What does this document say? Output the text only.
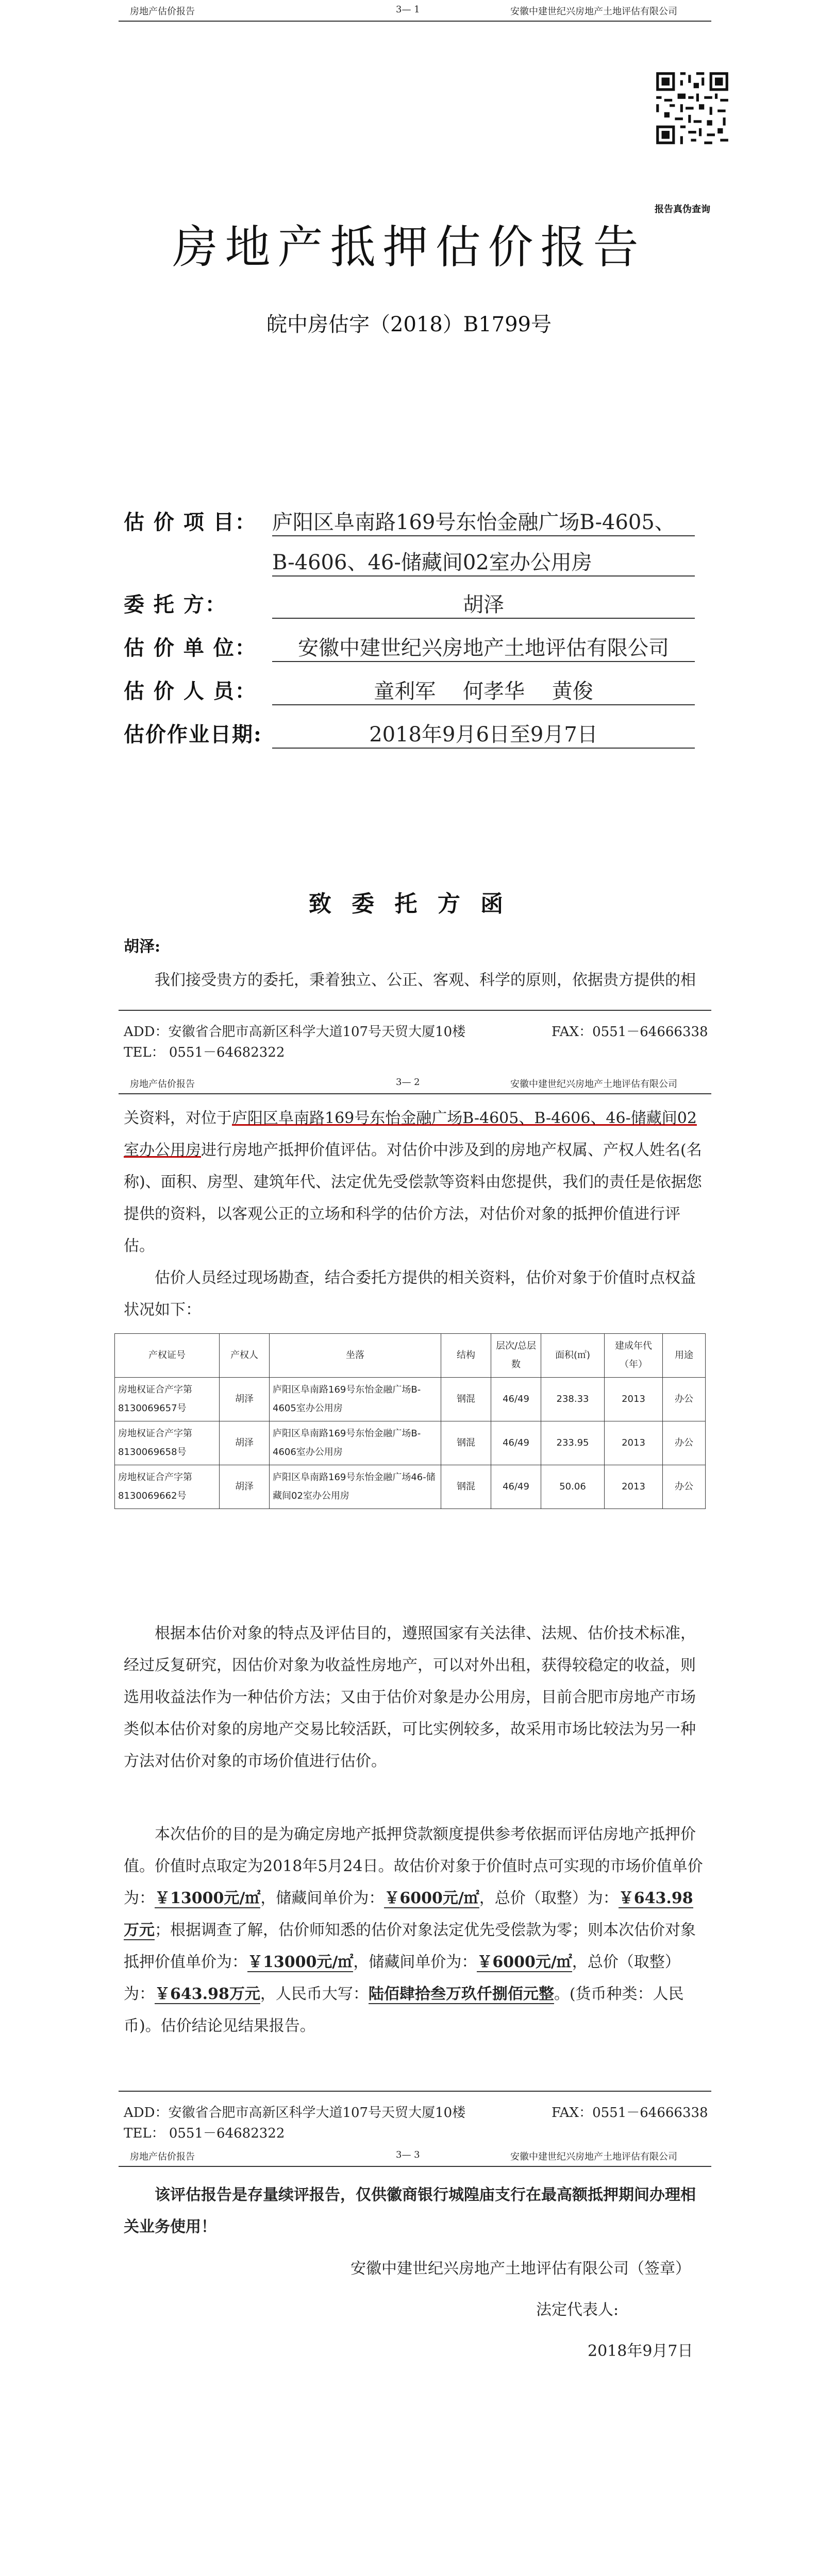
房地产估价报告	3— 1	安徽中建世纪兴房地产土地评估有限公司
报告真伪查询
房地产抵押估价报告
皖中房估字（2018）B1799号
估 价 项 目： 庐阳区阜南路169号东怡金融广场B-4605、
B-4606、46-储藏间02室办公用房
委 托 方：	胡泽
估 价 单 位：	安徽中建世纪兴房地产土地评估有限公司
估 价 人 员：	童利军 何孝华 黄俊
估价作业日期:	2018年9月6日至9月7日
致 委 托 方 函
胡泽:
我们接受贵方的委托，秉着独立、公正、客观、科学的原则，依据贵方提供的相
ADD：安徽省合肥市高新区科学大道107号天贸大厦10楼	FAX：0551－64666338
TEL： 0551－64682322
房地产估价报告	3— 2	安徽中建世纪兴房地产土地评估有限公司
关资料，对位于庐阳区阜南路169号东怡金融广场B-4605、B-4606、46-储藏间02室办公用房进行房地产抵押价值评估。对估价中涉及到的房地产权属、产权人姓名(名称)、面积、房型、建筑年代、法定优先受偿款等资料由您提供，我们的责任是依据您提供的资料，以客观公正的立场和科学的估价方法，对估价对象的抵押价值进行评估。
估价人员经过现场勘查，结合委托方提供的相关资料，估价对象于价值时点权益状况如下：
产权证号	产权人	坐落	结构	层次/总层数	面积(㎡)	建成年代（年）	用途
房地权证合产字第8130069657号	胡泽	庐阳区阜南路169号东怡金融广场B-4605室办公用房	钢混	46/49	238.33	2013	办公
房地权证合产字第8130069658号	胡泽	庐阳区阜南路169号东怡金融广场B-4606室办公用房	钢混	46/49	233.95	2013	办公
房地权证合产字第8130069662号	胡泽	庐阳区阜南路169号东怡金融广场46-储藏间02室办公用房	钢混	46/49	50.06	2013	办公
根据本估价对象的特点及评估目的，遵照国家有关法律、法规、估价技术标准，经过反复研究，因估价对象为收益性房地产，可以对外出租，获得较稳定的收益，则选用收益法作为一种估价方法；又由于估价对象是办公用房，目前合肥市房地产市场类似本估价对象的房地产交易比较活跃，可比实例较多，故采用市场比较法为另一种方法对估价对象的市场价值进行估价。
本次估价的目的是为确定房地产抵押贷款额度提供参考依据而评估房地产抵押价值。价值时点取定为2018年5月24日。故估价对象于价值时点可实现的市场价值单价为：￥13000元/㎡，储藏间单价为：￥6000元/㎡，总价（取整）为：￥643.98万元；根据调查了解，估价师知悉的估价对象法定优先受偿款为零；则本次估价对象抵押价值单价为：￥13000元/㎡，储藏间单价为：￥6000元/㎡，总价（取整）为：￥643.98万元，人民币大写：陆佰肆拾叁万玖仟捌佰元整。(货币种类：人民币)。估价结论见结果报告。
ADD：安徽省合肥市高新区科学大道107号天贸大厦10楼	FAX：0551－64666338
TEL： 0551－64682322
房地产估价报告	3— 3	安徽中建世纪兴房地产土地评估有限公司
该评估报告是存量续评报告，仅供徽商银行城隍庙支行在最高额抵押期间办理相关业务使用！
安徽中建世纪兴房地产土地评估有限公司（签章）
法定代表人:
2018年9月7日
